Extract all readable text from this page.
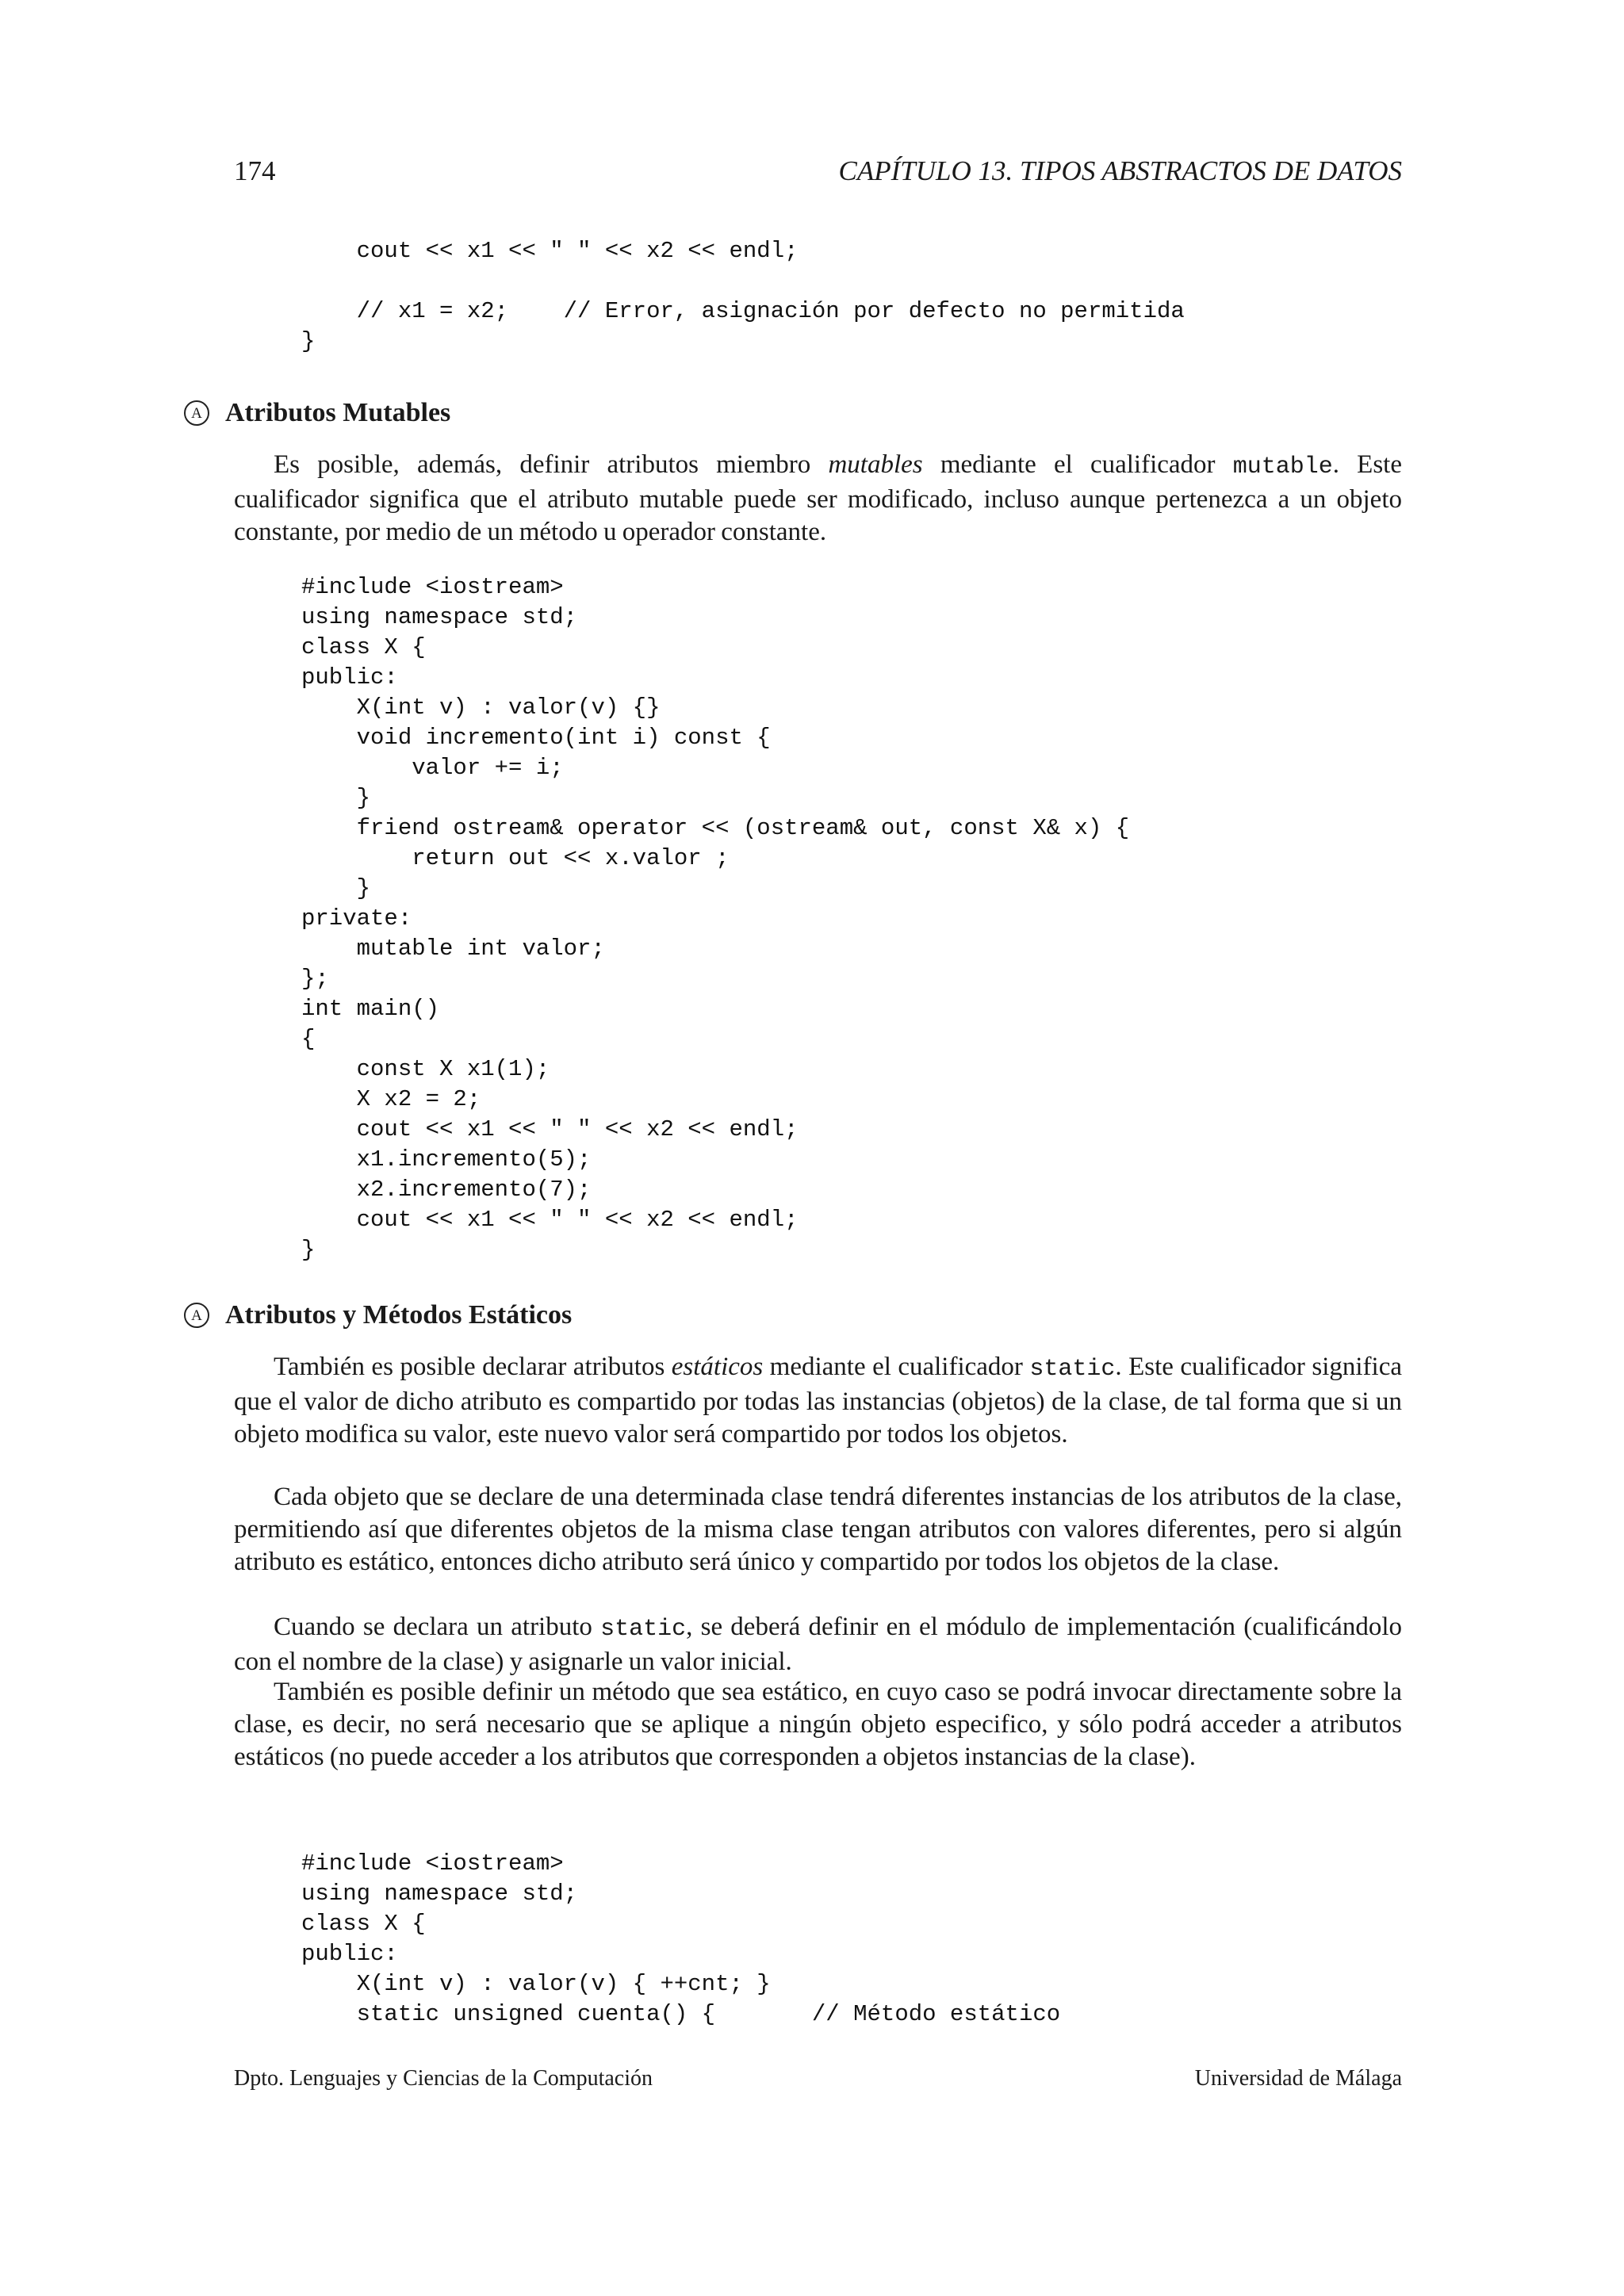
174	CAPÍTULO 13. TIPOS ABSTRACTOS DE DATOS
cout << x1 << " " << x2 << endl;

// x1 = x2;    // Error, asignación por defecto no permitida
}
A Atributos Mutables

Es posible, además, definir atributos miembro mutables mediante el cualificador mutable. Este cualificador significa que el atributo mutable puede ser modificado, incluso aunque pertenezca a un objeto constante, por medio de un método u operador constante.

#include <iostream>
using namespace std;
class X {
public:
X(int v) : valor(v) {}
void incremento(int i) const {
valor += i;
}
friend ostream& operator << (ostream& out, const X& x) {
return out << x.valor ;
}
private:
mutable int valor;
};
int main()
{
const X x1(1);
X x2 = 2;
cout << x1 << " " << x2 << endl;
x1.incremento(5);
x2.incremento(7);
cout << x1 << " " << x2 << endl;
}
A Atributos y Métodos Estáticos

También es posible declarar atributos estáticos mediante el cualificador static. Este cualificador significa que el valor de dicho atributo es compartido por todas las instancias (objetos) de la clase, de tal forma que si un objeto modifica su valor, este nuevo valor será compartido por todos los objetos.

Cada objeto que se declare de una determinada clase tendrá diferentes instancias de los atributos de la clase, permitiendo así que diferentes objetos de la misma clase tengan atributos con valores diferentes, pero si algún atributo es estático, entonces dicho atributo será único y compartido por todos los objetos de la clase.

Cuando se declara un atributo static, se deberá definir en el módulo de implementación (cualificándolo con el nombre de la clase) y asignarle un valor inicial.

También es posible definir un método que sea estático, en cuyo caso se podrá invocar directamente sobre la clase, es decir, no será necesario que se aplique a ningún objeto especifico, y sólo podrá acceder a atributos estáticos (no puede acceder a los atributos que corresponden a objetos instancias de la clase).

#include <iostream>
using namespace std;
class X {
public:
X(int v) : valor(v) { ++cnt; }
static unsigned cuenta() {       // Método estático
Dpto. Lenguajes y Ciencias de la Computación	Universidad de Málaga
